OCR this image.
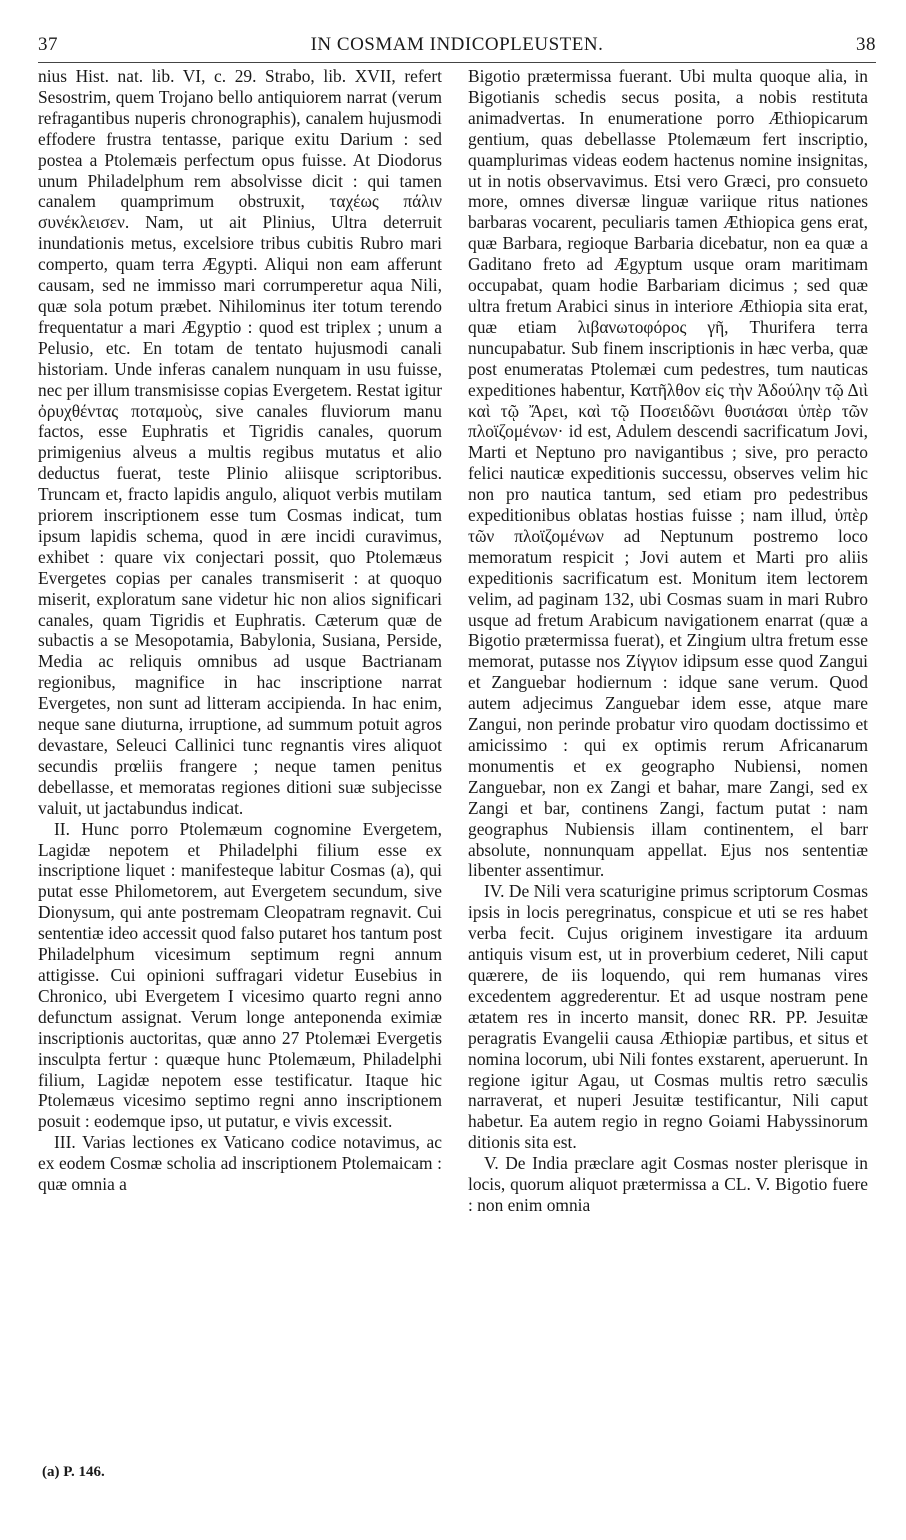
37	IN COSMAM INDICOPLEUSTEN.	38

nius Hist. nat. lib. VI, c. 29. Strabo, lib. XVII, refert Sesostrim, quem Trojano bello antiquiorem narrat (verum refragantibus nuperis chronographis), canalem hujusmodi effodere frustra tentasse, parique exitu Darium : sed postea a Ptolemæis perfectum opus fuisse. At Diodorus unum Philadelphum rem absolvisse dicit : qui tamen canalem quamprimum obstruxit, ταχέως πάλιν συνέκλεισεν. Nam, ut ait Plinius, Ultra deterruit inundationis metus, excelsiore tribus cubitis Rubro mari comperto, quam terra Ægypti. Aliqui non eam afferunt causam, sed ne immisso mari corrumperetur aqua Nili, quæ sola potum præbet. Nihilominus iter totum terendo frequentatur a mari Ægyptio : quod est triplex ; unum a Pelusio, etc. En totam de tentato hujusmodi canali historiam. Unde inferas canalem nunquam in usu fuisse, nec per illum transmisisse copias Evergetem. Restat igitur ὀρυχθέντας ποταμοὺς, sive canales fluviorum manu factos, esse Euphratis et Tigridis canales, quorum primigenius alveus a multis regibus mutatus et alio deductus fuerat, teste Plinio aliisque scriptoribus. Truncam et, fracto lapidis angulo, aliquot verbis mutilam priorem inscriptionem esse tum Cosmas indicat, tum ipsum lapidis schema, quod in ære incidi curavimus, exhibet : quare vix conjectari possit, quo Ptolemæus Evergetes copias per canales transmiserit : at quoquo miserit, exploratum sane videtur hic non alios significari canales, quam Tigridis et Euphratis. Cæterum quæ de subactis a se Mesopotamia, Babylonia, Susiana, Perside, Media ac reliquis omnibus ad usque Bactrianam regionibus, magnifice in hac inscriptione narrat Evergetes, non sunt ad litteram accipienda. In hac enim, neque sane diuturna, irruptione, ad summum potuit agros devastare, Seleuci Callinici tunc regnantis vires aliquot secundis prœliis frangere ; neque tamen penitus debellasse, et memoratas regiones ditioni suæ subjecisse valuit, ut jactabundus indicat.

II. Hunc porro Ptolemæum cognomine Evergetem, Lagidæ nepotem et Philadelphi filium esse ex inscriptione liquet : manifesteque labitur Cosmas (a), qui putat esse Philometorem, aut Evergetem secundum, sive Dionysum, qui ante postremam Cleopatram regnavit. Cui sententiæ ideo accessit quod falso putaret hos tantum post Philadelphum vicesimum septimum regni annum attigisse. Cui opinioni suffragari videtur Eusebius in Chronico, ubi Evergetem I vicesimo quarto regni anno defunctum assignat. Verum longe anteponenda eximiæ inscriptionis auctoritas, quæ anno 27 Ptolemæi Evergetis insculpta fertur : quæque hunc Ptolemæum, Philadelphi filium, Lagidæ nepotem esse testificatur. Itaque hic Ptolemæus vicesimo septimo regni anno inscriptionem posuit : eodemque ipso, ut putatur, e vivis excessit.

III. Varias lectiones ex Vaticano codice notavimus, ac ex eodem Cosmæ scholia ad inscriptionem Ptolemaicam : quæ omnia a

Bigotio prætermissa fuerant. Ubi multa quoque alia, in Bigotianis schedis secus posita, a nobis restituta animadvertas. In enumeratione porro Æthiopicarum gentium, quas debellasse Ptolemæum fert inscriptio, quamplurimas videas eodem hactenus nomine insignitas, ut in notis observavimus. Etsi vero Græci, pro consueto more, omnes diversæ linguæ variique ritus nationes barbaras vocarent, peculiaris tamen Æthiopica gens erat, quæ Barbara, regioque Barbaria dicebatur, non ea quæ a Gaditano freto ad Ægyptum usque oram maritimam occupabat, quam hodie Barbariam dicimus ; sed quæ ultra fretum Arabici sinus in interiore Æthiopia sita erat, quæ etiam λιβανωτοφόρος γῆ, Thurifera terra nuncupabatur. Sub finem inscriptionis in hæc verba, quæ post enumeratas Ptolemæi cum pedestres, tum nauticas expeditiones habentur, Κατῆλθον εἰς τὴν Ἀδούλην τῷ Διὶ καὶ τῷ Ἄρει, καὶ τῷ Ποσειδῶνι θυσιάσαι ὑπὲρ τῶν πλοϊζομένων· id est, Adulem descendi sacrificatum Jovi, Marti et Neptuno pro navigantibus ; sive, pro peracto felici nauticæ expeditionis successu, observes velim hic non pro nautica tantum, sed etiam pro pedestribus expeditionibus oblatas hostias fuisse ; nam illud, ὑπὲρ τῶν πλοϊζομένων ad Neptunum postremo loco memoratum respicit ; Jovi autem et Marti pro aliis expeditionis sacrificatum est. Monitum item lectorem velim, ad paginam 132, ubi Cosmas suam in mari Rubro usque ad fretum Arabicum navigationem enarrat (quæ a Bigotio prætermissa fuerat), et Zingium ultra fretum esse memorat, putasse nos Ζίγγιον idipsum esse quod Zangui et Zanguebar hodiernum : idque sane verum. Quod autem adjecimus Zanguebar idem esse, atque mare Zangui, non perinde probatur viro quodam doctissimo et amicissimo : qui ex optimis rerum Africanarum monumentis et ex geographo Nubiensi, nomen Zanguebar, non ex Zangi et bahar, mare Zangi, sed ex Zangi et bar, continens Zangi, factum putat : nam geographus Nubiensis illam continentem, el barr absolute, nonnunquam appellat. Ejus nos sententiæ libenter assentimur.

IV. De Nili vera scaturigine primus scriptorum Cosmas ipsis in locis peregrinatus, conspicue et uti se res habet verba fecit. Cujus originem investigare ita arduum antiquis visum est, ut in proverbium cederet, Nili caput quærere, de iis loquendo, qui rem humanas vires excedentem aggrederentur. Et ad usque nostram pene ætatem res in incerto mansit, donec RR. PP. Jesuitæ peragratis Evangelii causa Æthiopiæ partibus, et situs et nomina locorum, ubi Nili fontes exstarent, aperuerunt. In regione igitur Agau, ut Cosmas multis retro sæculis narraverat, et nuperi Jesuitæ testificantur, Nili caput habetur. Ea autem regio in regno Goiami Habyssinorum ditionis sita est.

V. De India præclare agit Cosmas noster plerisque in locis, quorum aliquot prætermissa a CL. V. Bigotio fuere : non enim omnia

(a) P. 146.
